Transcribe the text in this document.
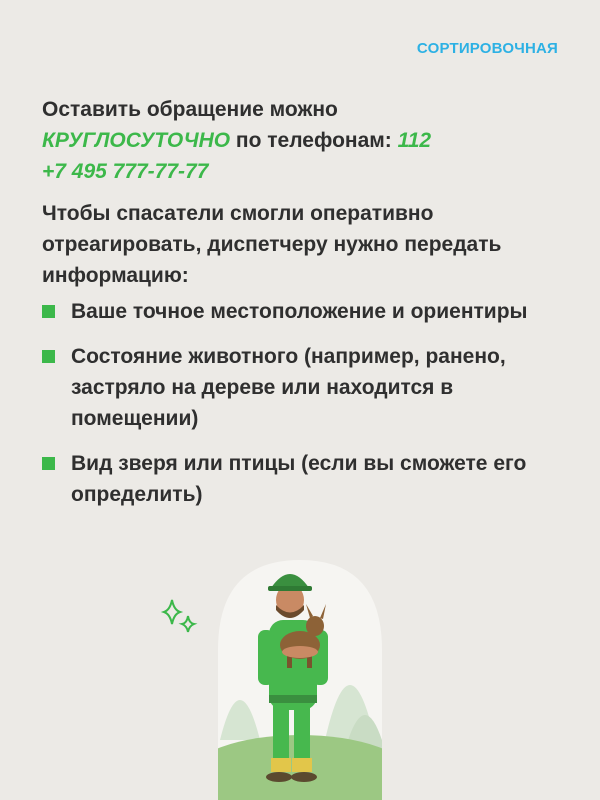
СОРТИРОВОЧНАЯ
Оставить обращение можно
КРУГЛОСУТОЧНО по телефонам: 112
+7 495 777-77-77
Чтобы спасатели смогли оперативно отреагировать, диспетчеру нужно передать информацию:
Ваше точное местоположение и ориентиры
Состояние животного (например, ранено, застряло на дереве или находится в помещении)
Вид зверя или птицы (если вы сможете его определить)
